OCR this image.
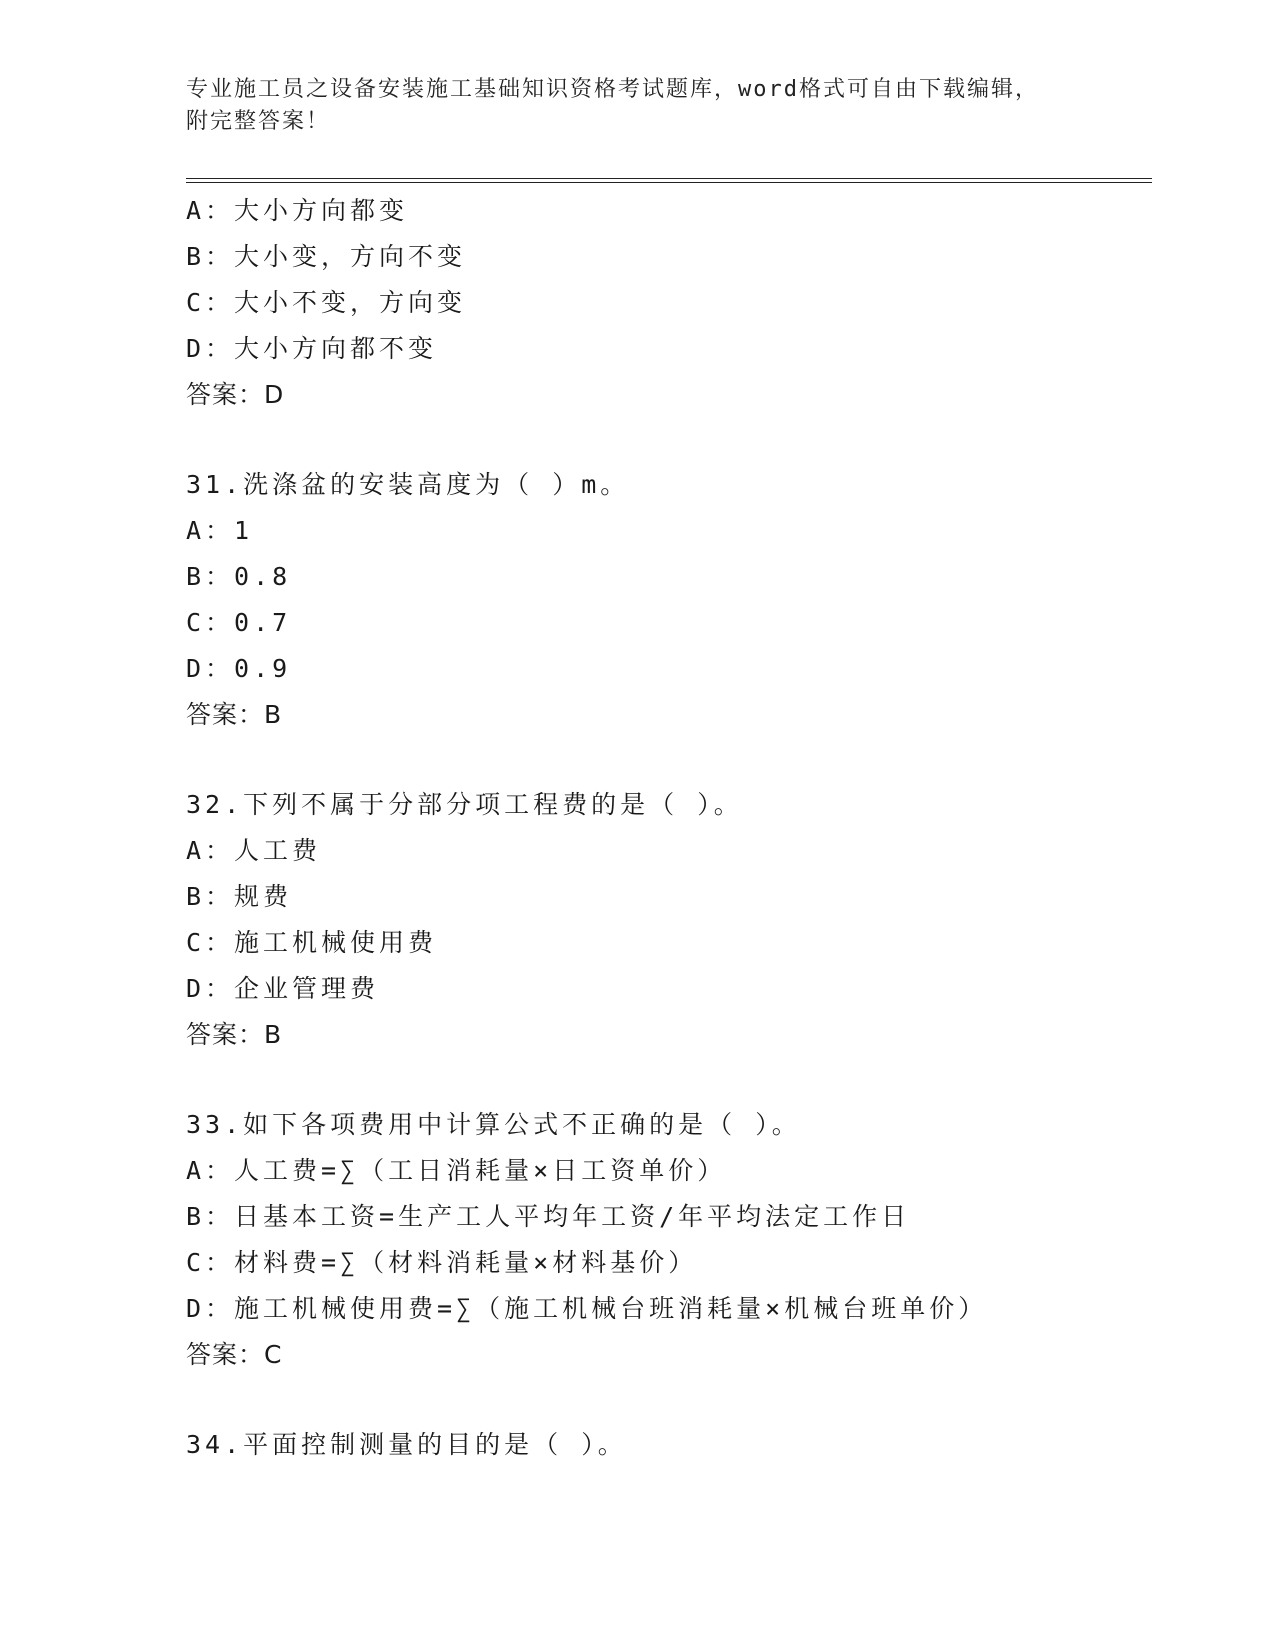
专业施工员之设备安装施工基础知识资格考试题库，word格式可自由下载编辑，
附完整答案！
A：大小方向都变
B：大小变，方向不变
C：大小不变，方向变
D：大小方向都不变
答案：D
31.洗涤盆的安装高度为（ ）m。
A：1
B：0.8
C：0.7
D：0.9
答案：B
32.下列不属于分部分项工程费的是（ ）。
A：人工费
B：规费
C：施工机械使用费
D：企业管理费
答案：B
33.如下各项费用中计算公式不正确的是（ ）。
A：人工费=∑（工日消耗量×日工资单价）
B：日基本工资=生产工人平均年工资/年平均法定工作日
C：材料费=∑（材料消耗量×材料基价）
D：施工机械使用费=∑（施工机械台班消耗量×机械台班单价）
答案：C
34.平面控制测量的目的是（ ）。
